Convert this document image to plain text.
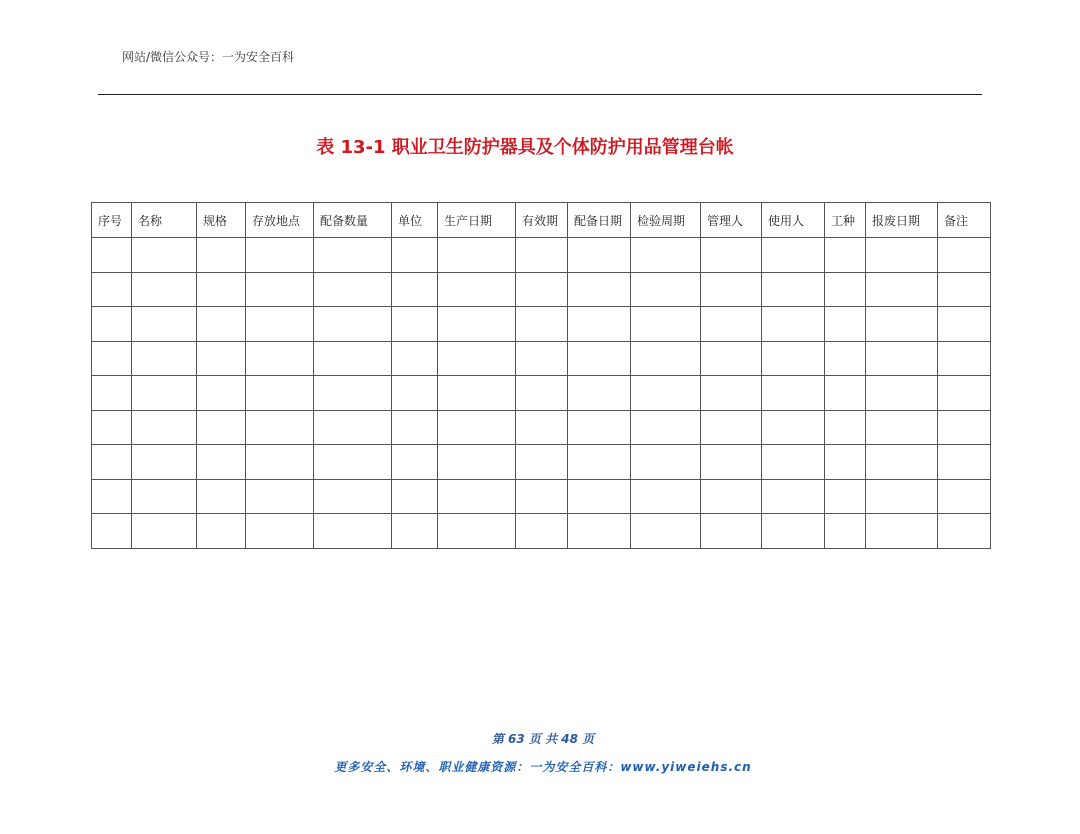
网站/微信公众号：一为安全百科
表 13-1 职业卫生防护器具及个体防护用品管理台帐
序号	名称	规格	存放地点	配备数量	单位	生产日期	有效期	配备日期	检验周期	管理人	使用人	工种	报废日期	备注

第 63 页 共 48 页
更多安全、环境、职业健康资源：一为安全百科：www.yiweiehs.cn
